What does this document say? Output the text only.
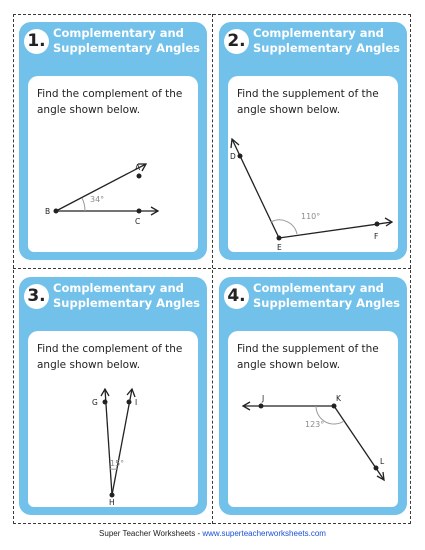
1. Complementary and
Supplementary Angles
Find the complement of the angle shown below.
A
B
C
34°
2. Complementary and
Supplementary Angles
Find the supplement of the angle shown below.
D
E
F
110°
3. Complementary and
Supplementary Angles
Find the complement of the angle shown below.
G	I
H
15°
4. Complementary and
Supplementary Angles
Find the supplement of the angle shown below.
J	K
L
123°
Super Teacher Worksheets - www.superteacherworksheets.com
